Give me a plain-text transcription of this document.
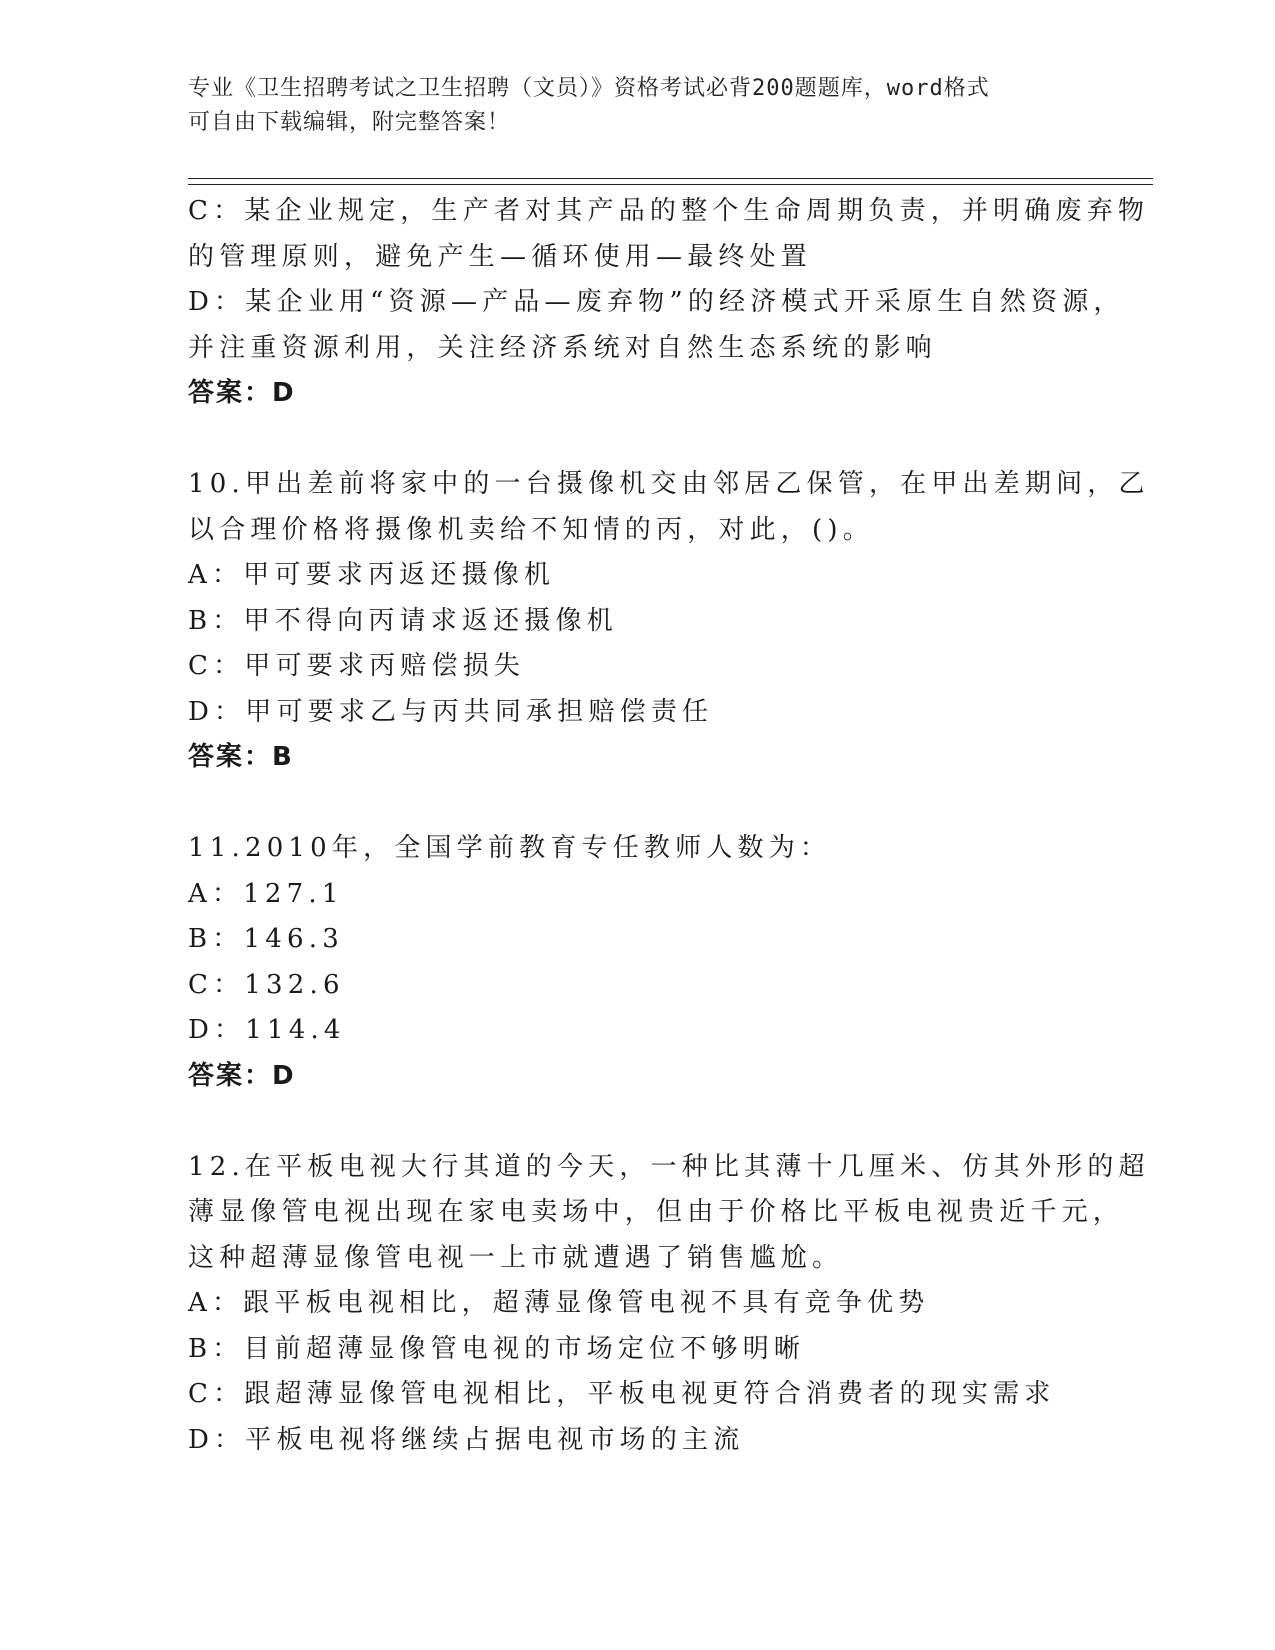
专业《卫生招聘考试之卫生招聘（文员）》资格考试必背200题题库，word格式
可自由下载编辑，附完整答案！
C：某企业规定，生产者对其产品的整个生命周期负责，并明确废弃物
的管理原则，避免产生—循环使用—最终处置
D：某企业用“资源—产品—废弃物”的经济模式开采原生自然资源，
并注重资源利用，关注经济系统对自然生态系统的影响
答案：D
10.甲出差前将家中的一台摄像机交由邻居乙保管，在甲出差期间，乙
以合理价格将摄像机卖给不知情的丙，对此，()。
A：甲可要求丙返还摄像机
B：甲不得向丙请求返还摄像机
C：甲可要求丙赔偿损失
D：甲可要求乙与丙共同承担赔偿责任
答案：B
11.2010年，全国学前教育专任教师人数为：
A：127.1
B：146.3
C：132.6
D：114.4
答案：D
12.在平板电视大行其道的今天，一种比其薄十几厘米、仿其外形的超
薄显像管电视出现在家电卖场中，但由于价格比平板电视贵近千元，
这种超薄显像管电视一上市就遭遇了销售尴尬。
A：跟平板电视相比，超薄显像管电视不具有竞争优势
B：目前超薄显像管电视的市场定位不够明晰
C：跟超薄显像管电视相比，平板电视更符合消费者的现实需求
D：平板电视将继续占据电视市场的主流
